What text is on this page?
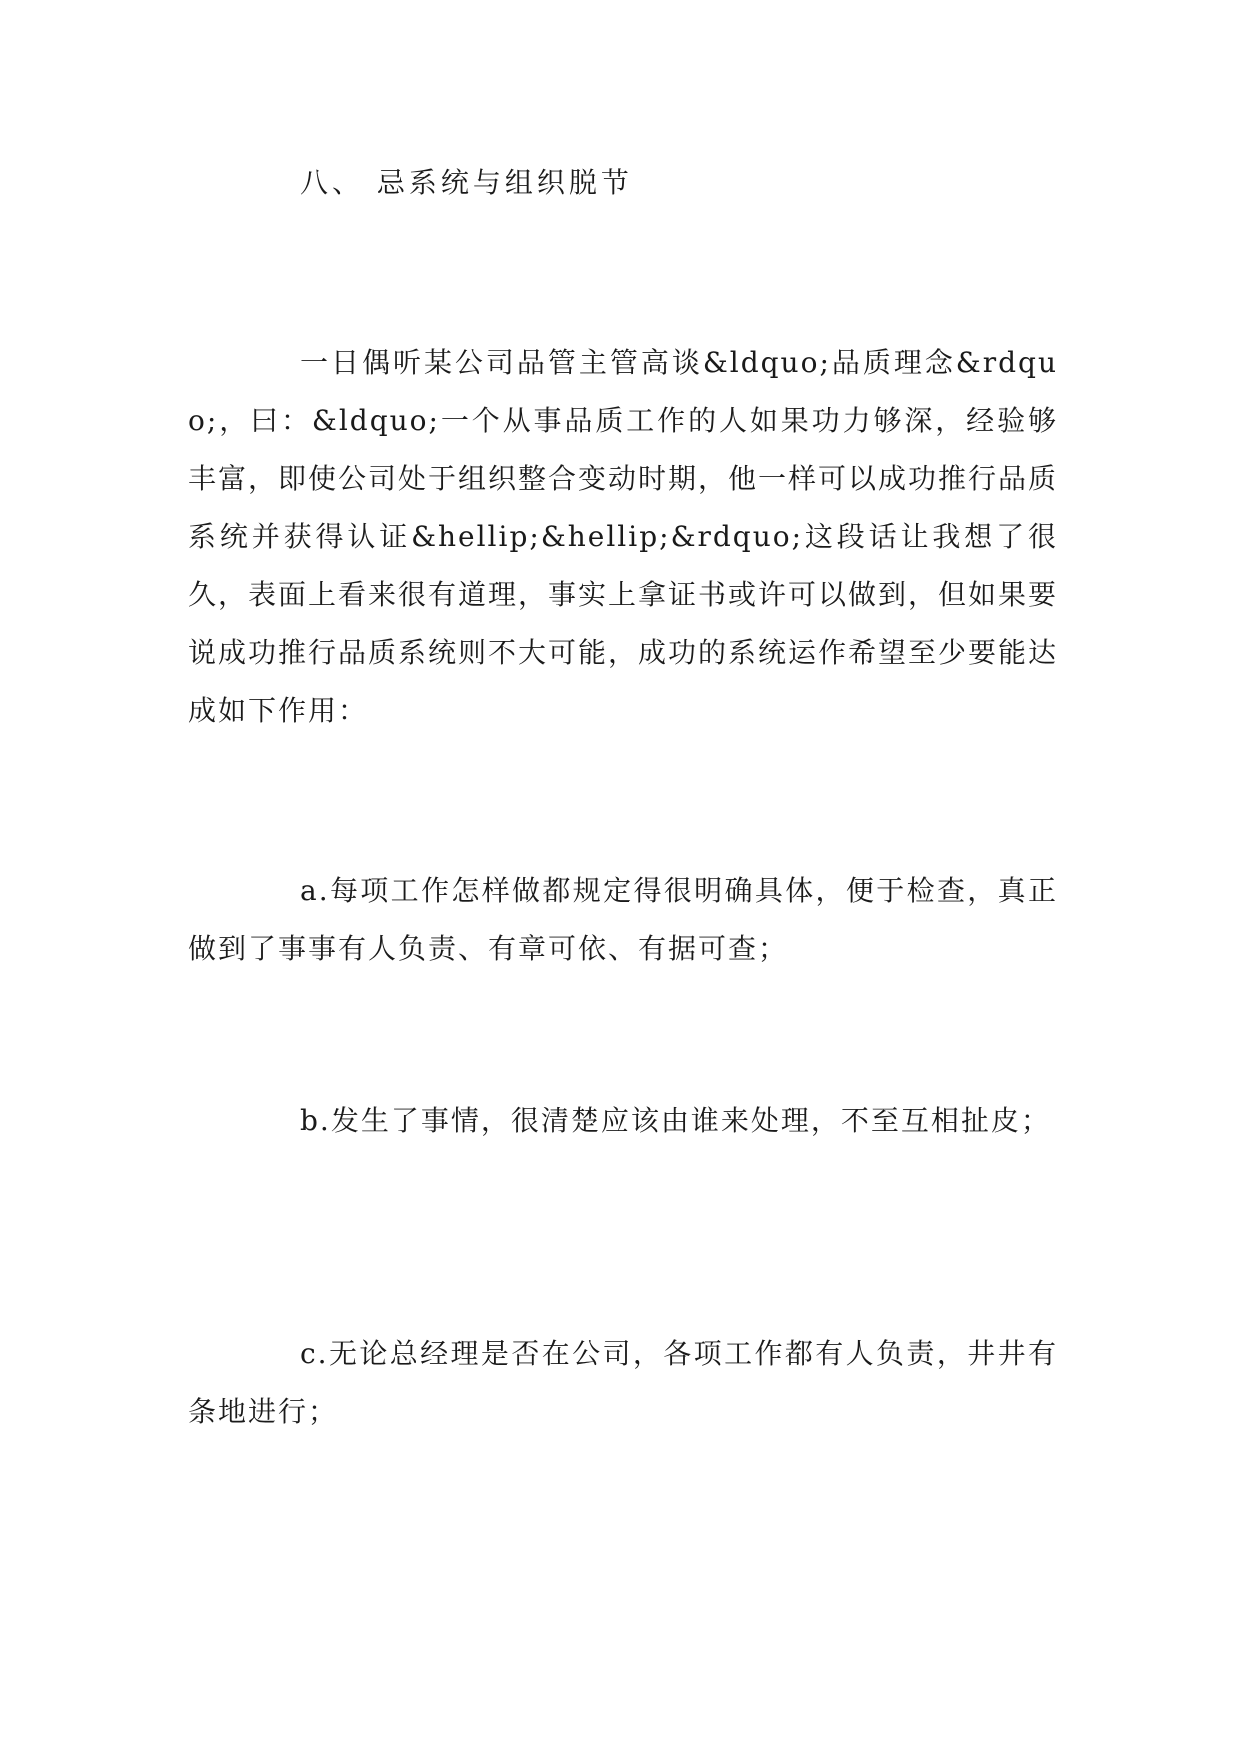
八、 忌系统与组织脱节

一日偶听某公司品管主管高谈&ldquo;品质理念&rdquo;，曰：&ldquo;一个从事品质工作的人如果功力够深，经验够丰富，即使公司处于组织整合变动时期，他一样可以成功推行品质系统并获得认证&hellip;&hellip;&rdquo;这段话让我想了很久，表面上看来很有道理，事实上拿证书或许可以做到，但如果要说成功推行品质系统则不大可能，成功的系统运作希望至少要能达成如下作用：

a.每项工作怎样做都规定得很明确具体，便于检查，真正做到了事事有人负责、有章可依、有据可查；

b.发生了事情，很清楚应该由谁来处理，不至互相扯皮；

c.无论总经理是否在公司，各项工作都有人负责，井井有条地进行；
